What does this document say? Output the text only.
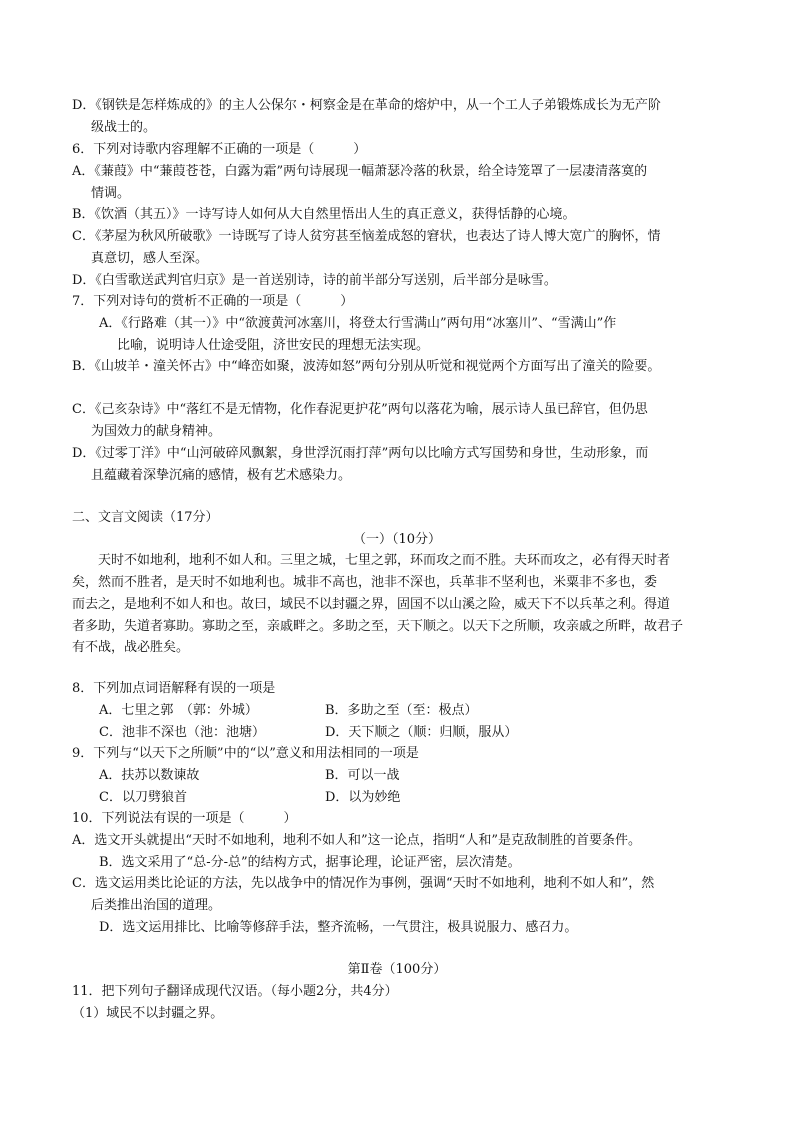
D．《钢铁是怎样炼成的》的主人公保尔・柯察金是在革命的熔炉中，从一个工人子弟锻炼成长为无产阶
级战士的。
6．下列对诗歌内容理解不正确的一项是（　　　）
A．《蒹葭》中“蒹葭苍苍，白露为霜”两句诗展现一幅萧瑟冷落的秋景，给全诗笼罩了一层凄清落寞的
情调。
B．《饮酒（其五）》一诗写诗人如何从大自然里悟出人生的真正意义，获得恬静的心境。
C．《茅屋为秋风所破歌》一诗既写了诗人贫穷甚至恼羞成怒的窘状，也表达了诗人博大宽广的胸怀，情
真意切，感人至深。
D．《白雪歌送武判官归京》是一首送别诗，诗的前半部分写送别，后半部分是咏雪。
7．下列对诗句的赏析不正确的一项是（　　　）
A．《行路难（其一）》中“欲渡黄河冰塞川，将登太行雪满山”两句用“冰塞川”、“雪满山”作
比喻，说明诗人仕途受阻，济世安民的理想无法实现。
B．《山坡羊・潼关怀古》中“峰峦如聚，波涛如怒”两句分别从听觉和视觉两个方面写出了潼关的险要。
C．《己亥杂诗》中“落红不是无情物，化作春泥更护花”两句以落花为喻，展示诗人虽已辞官，但仍思
为国效力的献身精神。
D．《过零丁洋》中“山河破碎风飘絮，身世浮沉雨打萍”两句以比喻方式写国势和身世，生动形象，而
且蕴藏着深挚沉痛的感情，极有艺术感染力。
二、文言文阅读（17分）
（一）（10分）
天时不如地利，地利不如人和。三里之城，七里之郭，环而攻之而不胜。夫环而攻之，必有得天时者
矣，然而不胜者，是天时不如地利也。城非不高也，池非不深也，兵革非不坚利也，米粟非不多也，委
而去之，是地利不如人和也。故曰，域民不以封疆之界，固国不以山溪之险，威天下不以兵革之利。得道
者多助，失道者寡助。寡助之至，亲戚畔之。多助之至，天下顺之。以天下之所顺，攻亲戚之所畔，故君子
有不战，战必胜矣。
8．下列加点词语解释有误的一项是
A．七里之郭　（郭：外城）	B．多助之至（至：极点）
C．池非不深也（池：池塘）	D．天下顺之（顺：归顺，服从）
9．下列与“以天下之所顺”中的“以”意义和用法相同的一项是
A．扶苏以数谏故	B．可以一战
C．以刀劈狼首	D．以为妙绝
10．下列说法有误的一项是（　　　）
A．选文开头就提出“天时不如地利，地利不如人和”这一论点，指明“人和”是克敌制胜的首要条件。
B．选文采用了“总-分-总”的结构方式，据事论理，论证严密，层次清楚。
C．选文运用类比论证的方法，先以战争中的情况作为事例，强调“天时不如地利，地利不如人和”，然
后类推出治国的道理。
D．选文运用排比、比喻等修辞手法，整齐流畅，一气贯注，极具说服力、感召力。
第Ⅱ卷（100分）
11．把下列句子翻译成现代汉语。（每小题2分，共4分）
（1）域民不以封疆之界。
